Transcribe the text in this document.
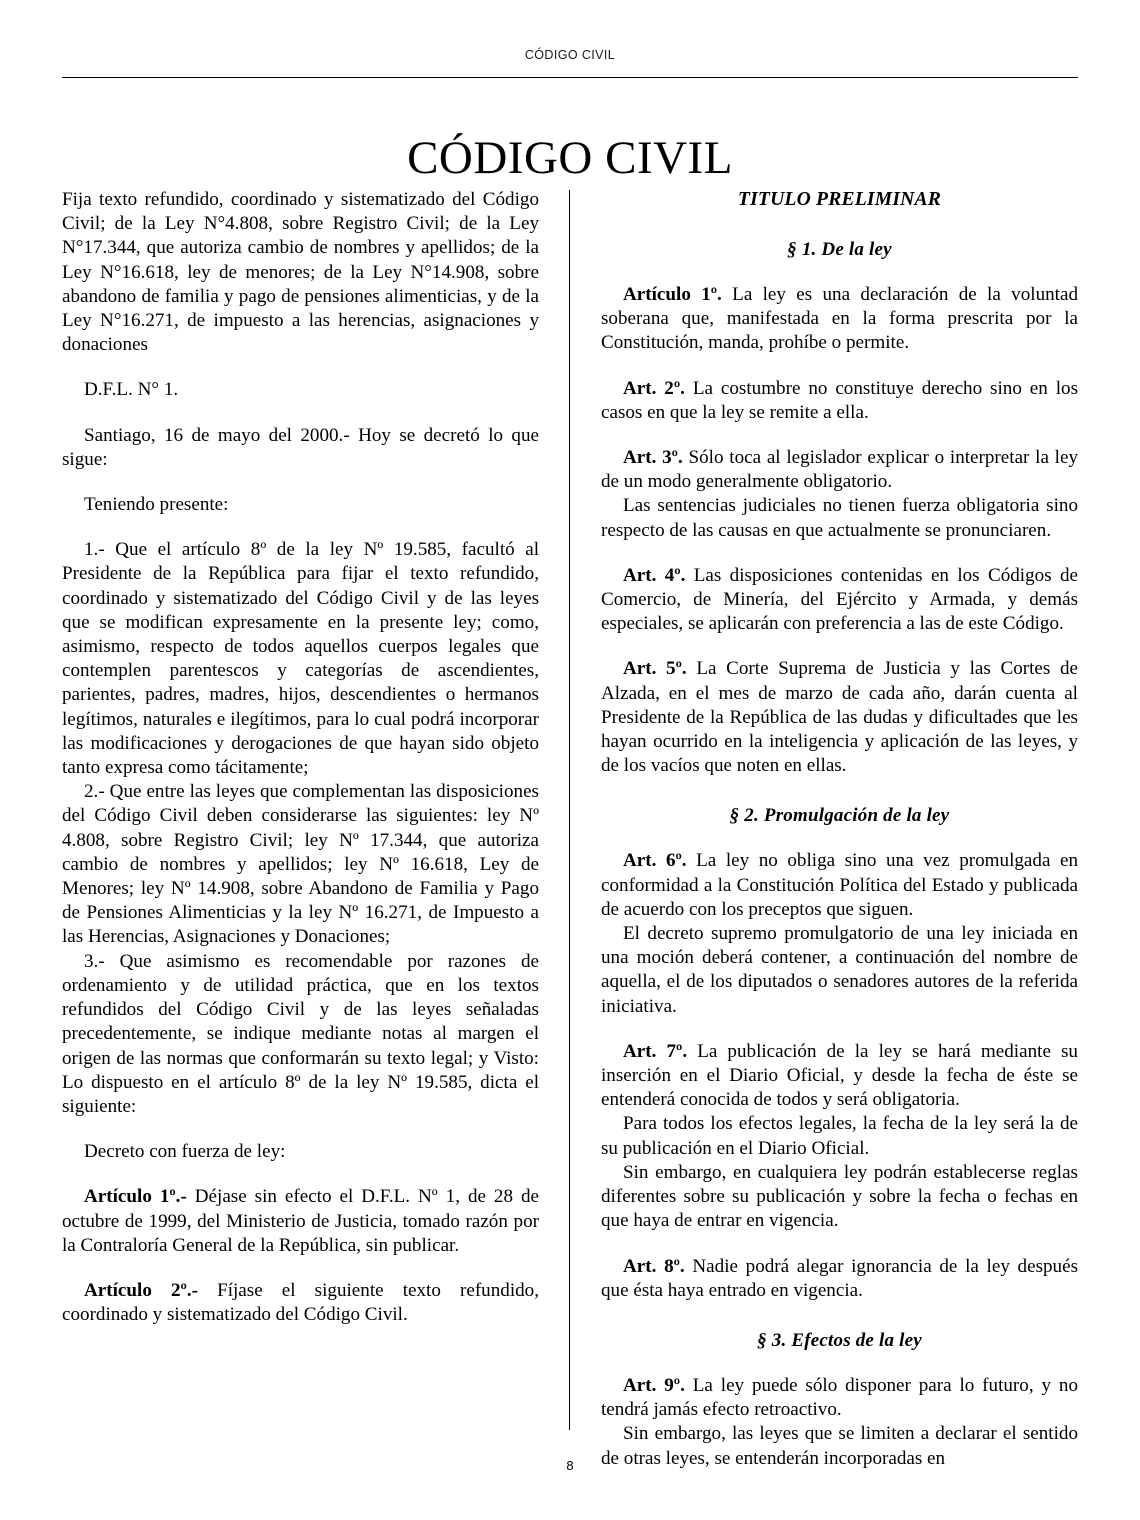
CÓDIGO CIVIL
CÓDIGO CIVIL

Fija texto refundido, coordinado y sistematizado del Código Civil; de la Ley N°4.808, sobre Registro Civil; de la Ley N°17.344, que autoriza cambio de nombres y apellidos; de la Ley N°16.618, ley de menores; de la Ley N°14.908, sobre abandono de familia y pago de pensiones alimenticias, y de la Ley N°16.271, de impuesto a las herencias, asignaciones y donaciones

D.F.L. N° 1.

Santiago, 16 de mayo del 2000.- Hoy se decretó lo que sigue:

Teniendo presente:

1.- Que el artículo 8º de la ley Nº 19.585, facultó al Presidente de la República para fijar el texto refundido, coordinado y sistematizado del Código Civil y de las leyes que se modifican expresamente en la presente ley; como, asimismo, respecto de todos aquellos cuerpos legales que contemplen parentescos y categorías de ascendientes, parientes, padres, madres, hijos, descendientes o hermanos legítimos, naturales e ilegítimos, para lo cual podrá incorporar las modificaciones y derogaciones de que hayan sido objeto tanto expresa como tácitamente;

2.- Que entre las leyes que complementan las disposiciones del Código Civil deben considerarse las siguientes: ley Nº 4.808, sobre Registro Civil; ley Nº 17.344, que autoriza cambio de nombres y apellidos; ley Nº 16.618, Ley de Menores; ley Nº 14.908, sobre Abandono de Familia y Pago de Pensiones Alimenticias y la ley Nº 16.271, de Impuesto a las Herencias, Asignaciones y Donaciones;

3.- Que asimismo es recomendable por razones de ordenamiento y de utilidad práctica, que en los textos refundidos del Código Civil y de las leyes señaladas precedentemente, se indique mediante notas al margen el origen de las normas que conformarán su texto legal; y Visto: Lo dispuesto en el artículo 8º de la ley Nº 19.585, dicta el siguiente:

Decreto con fuerza de ley:

Artículo 1º.- Déjase sin efecto el D.F.L. Nº 1, de 28 de octubre de 1999, del Ministerio de Justicia, tomado razón por la Contraloría General de la República, sin publicar.

Artículo 2º.- Fíjase el siguiente texto refundido, coordinado y sistematizado del Código Civil.

TITULO PRELIMINAR

§ 1. De la ley

Artículo 1º. La ley es una declaración de la voluntad soberana que, manifestada en la forma prescrita por la Constitución, manda, prohíbe o permite.

Art. 2º. La costumbre no constituye derecho sino en los casos en que la ley se remite a ella.

Art. 3º. Sólo toca al legislador explicar o interpretar la ley de un modo generalmente obligatorio.

Las sentencias judiciales no tienen fuerza obligatoria sino respecto de las causas en que actualmente se pronunciaren.

Art. 4º. Las disposiciones contenidas en los Códigos de Comercio, de Minería, del Ejército y Armada, y demás especiales, se aplicarán con preferencia a las de este Código.

Art. 5º. La Corte Suprema de Justicia y las Cortes de Alzada, en el mes de marzo de cada año, darán cuenta al Presidente de la República de las dudas y dificultades que les hayan ocurrido en la inteligencia y aplicación de las leyes, y de los vacíos que noten en ellas.

§ 2. Promulgación de la ley

Art. 6º. La ley no obliga sino una vez promulgada en conformidad a la Constitución Política del Estado y publicada de acuerdo con los preceptos que siguen.

El decreto supremo promulgatorio de una ley iniciada en una moción deberá contener, a continuación del nombre de aquella, el de los diputados o senadores autores de la referida iniciativa.

Art. 7º. La publicación de la ley se hará mediante su inserción en el Diario Oficial, y desde la fecha de éste se entenderá conocida de todos y será obligatoria.

Para todos los efectos legales, la fecha de la ley será la de su publicación en el Diario Oficial.

Sin embargo, en cualquiera ley podrán establecerse reglas diferentes sobre su publicación y sobre la fecha o fechas en que haya de entrar en vigencia.

Art. 8º. Nadie podrá alegar ignorancia de la ley después que ésta haya entrado en vigencia.

§ 3. Efectos de la ley

Art. 9º. La ley puede sólo disponer para lo futuro, y no tendrá jamás efecto retroactivo.

Sin embargo, las leyes que se limiten a declarar el sentido de otras leyes, se entenderán incorporadas en

8
